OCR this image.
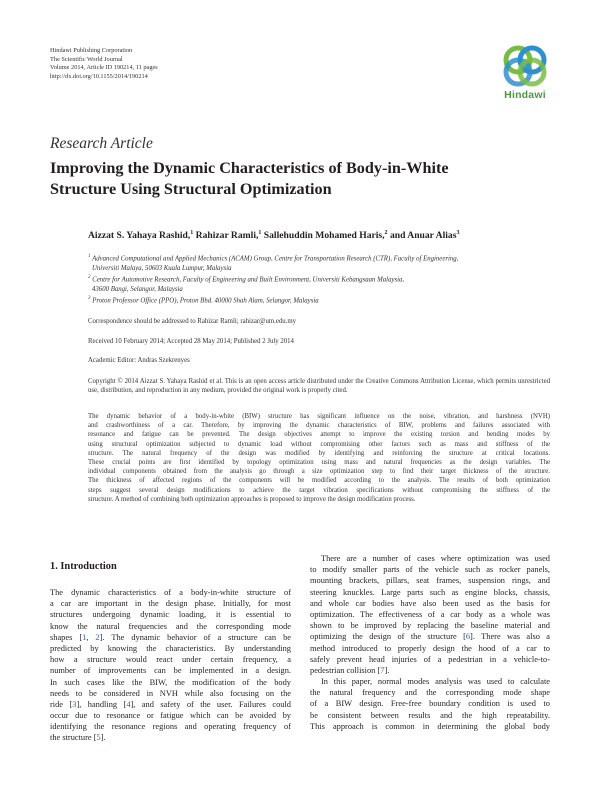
Hindawi Publishing Corporation
The Scientific World Journal
Volume 2014, Article ID 190214, 11 pages
http://dx.doi.org/10.1155/2014/190214
Hindawi
Research Article
Improving the Dynamic Characteristics of Body-in-White
Structure Using Structural Optimization
Aizzat S. Yahaya Rashid,$^1$ Rahizar Ramli,$^1$ Sallehuddin Mohamed Haris,$^2$ and Anuar Alias$^3$
$^1$ Advanced Computational and Applied Mechanics (ACAM) Group, Centre for Transportation Research (CTR), Faculty of Engineering,
Universiti Malaya, 50603 Kuala Lumpur, Malaysia
$^2$ Centre for Automotive Research, Faculty of Engineering and Built Environment, Universiti Kebangsaan Malaysia,
43600 Bangi, Selangor, Malaysia
$^3$ Proton Professor Office (PPO), Proton Bhd. 40000 Shah Alam, Selangor, Malaysia
Correspondence should be addressed to Rahizar Ramli; rahizar@um.edu.my
Received 10 February 2014; Accepted 28 May 2014; Published 2 July 2014
Academic Editor: Andras Szekrenyes
Copyright © 2014 Aizzat S. Yahaya Rashid et al. This is an open access article distributed under the Creative Commons Attribution License, which permits unrestricted use, distribution, and reproduction in any medium, provided the original work is properly cited.
The dynamic behavior of a body-in-white (BIW) structure has significant influence on the noise, vibration, and harshness (NVH)
and crashworthiness of a car. Therefore, by improving the dynamic characteristics of BIW, problems and failures associated with
resonance and fatigue can be prevented. The design objectives attempt to improve the existing torsion and bending modes by
using structural optimization subjected to dynamic load without compromising other factors such as mass and stiffness of the
structure. The natural frequency of the design was modified by identifying and reinforcing the structure at critical locations.
These crucial points are first identified by topology optimization using mass and natural frequencies as the design variables. The
individual components obtained from the analysis go through a size optimization step to find their target thickness of the structure.
The thickness of affected regions of the components will be modified according to the analysis. The results of both optimization
steps suggest several design modifications to achieve the target vibration specifications without compromising the stiffness of the
structure. A method of combining both optimization approaches is proposed to improve the design modification process.
1. Introduction
The dynamic characteristics of a body-in-white structure of
a car are important in the design phase. Initially, for most
structures undergoing dynamic loading, it is essential to
know the natural frequencies and the corresponding mode
shapes [1, 2]. The dynamic behavior of a structure can be
predicted by knowing the characteristics. By understanding
how a structure would react under certain frequency, a
number of improvements can be implemented in a design.
In such cases like the BIW, the modification of the body
needs to be considered in NVH while also focusing on the
ride [3], handling [4], and safety of the user. Failures could
occur due to resonance or fatigue which can be avoided by
identifying the resonance regions and operating frequency of
the structure [5].
There are a number of cases where optimization was used
to modify smaller parts of the vehicle such as rocker panels,
mounting brackets, pillars, seat frames, suspension rings, and
steering knuckles. Large parts such as engine blocks, chassis,
and whole car bodies have also been used as the basis for
optimization. The effectiveness of a car body as a whole was
shown to be improved by replacing the baseline material and
optimizing the design of the structure [6]. There was also a
method introduced to properly design the hood of a car to
safely prevent head injuries of a pedestrian in a vehicle-to-
pedestrian collision [7].
In this paper, normal modes analysis was used to calculate
the natural frequency and the corresponding mode shape
of a BIW design. Free-free boundary condition is used to
be consistent between results and the high repeatability.
This approach is common in determining the global body
